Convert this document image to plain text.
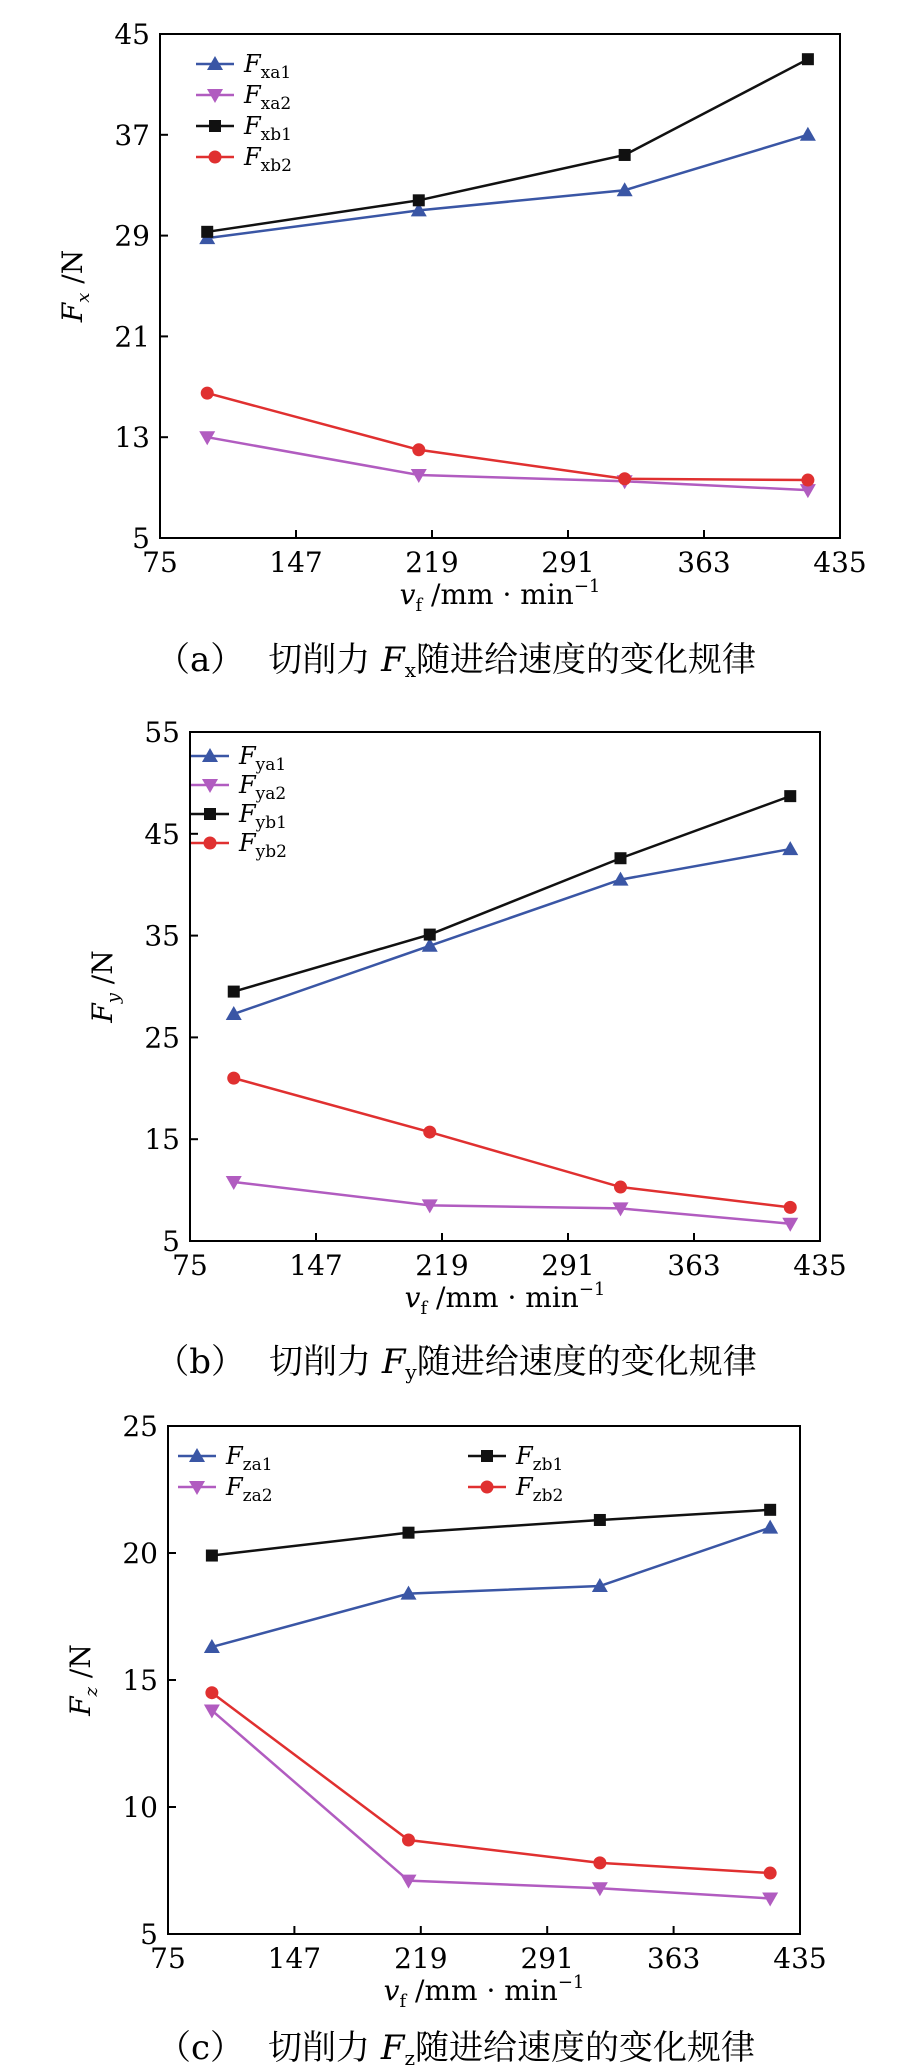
75	147	219	291	363	435
5
13
21
29
37
45
$F_x$ /N
$v_f$ $/mm \cdot \min^{-1}$
$F_{xa1}$
$F_{xa2}$
$F_{xb1}$
$F_{xb2}$
（a） 切削力 $F_x$随进给速度的变化规律
75	147	219	291	363	435
5
15
25
35
45
55
$F_y$ /N
$v_f$ $/mm \cdot \min^{-1}$
$F_{ya1}$
$F_{ya2}$
$F_{yb1}$
$F_{yb2}$
（b） 切削力 $F_y$随进给速度的变化规律
75	147	219	291	363	435
5
10
15
20
25
$F_z$ /N
$v_f$ $/mm \cdot \min^{-1}$
$F_{za1}$
$F_{za2}$
$F_{zb1}$
$F_{zb2}$
（c） 切削力 $F_z$随进给速度的变化规律
